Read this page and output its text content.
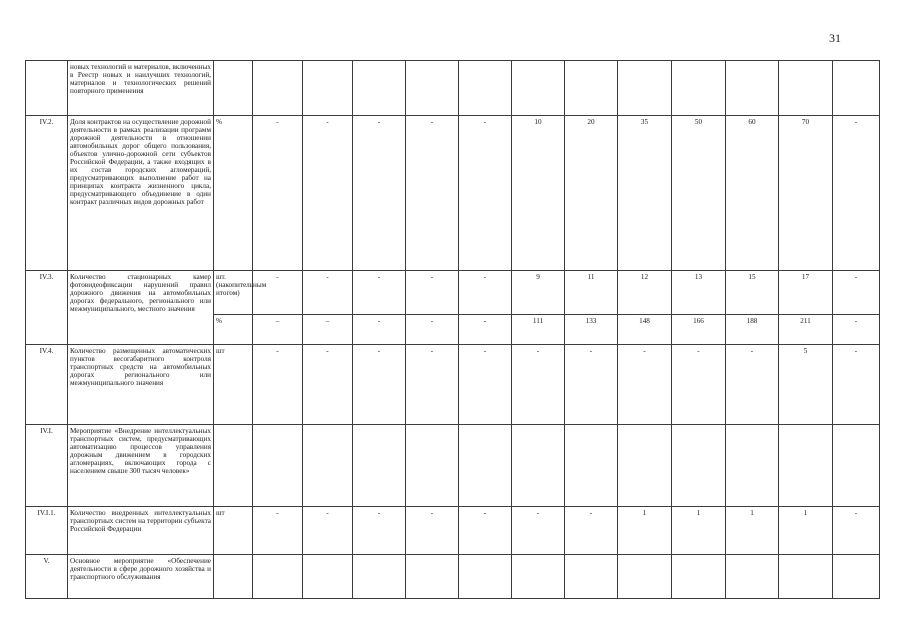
31
	новых технологий и материалов, включенных в Реестр новых и наилучших технологий, материалов и технологических решений повторного применения													
IV.2.	Доля контрактов на осуществление дорожной деятельности в рамках реализации программ дорожной деятельности в отношении автомобильных дорог общего пользования, объектов улично-дорожной сети субъектов Российской Федерации, а также входящих в их состав городских агломераций, предусматривающих выполнение работ на принципах контракта жизненного цикла, предусматривающего объединение в один контракт различных видов дорожных работ	%	-	-	-	-	-	10	20	35	50	60	70	-
IV.3.	Количество стационарных камер фотовидеофиксации нарушений правил дорожного движения на автомобильных дорогах федерального, регионального или межмуниципального, местного значения	шт. (накопительным итогом)	-	-	-	-	-	9	11	12	13	15	17	-
		%	–	–	-	-	-	111	133	148	166	188	211	-
IV.4.	Количество размещенных автоматических пунктов весогабаритного контроля транспортных средств на автомобильных дорогах регионального или межмуниципального значения	шт	-	-	-	-	-	-	-	-	-	-	5	-
IV.I.	Мероприятие «Внедрение интеллектуальных транспортных систем, предусматривающих автоматизацию процессов управления дорожным движением в городских агломерациях, включающих города с населением свыше 300 тысяч человек»													
IV.I.1.	Количество внедренных интеллектуальных транспортных систем на территории субъекта Российской Федерации	шт	-	-	-	-	-	-	-	1	1	1	1	-
V.	Основное мероприятие «Обеспечение деятельности в сфере дорожного хозяйства и транспортного обслуживания													
